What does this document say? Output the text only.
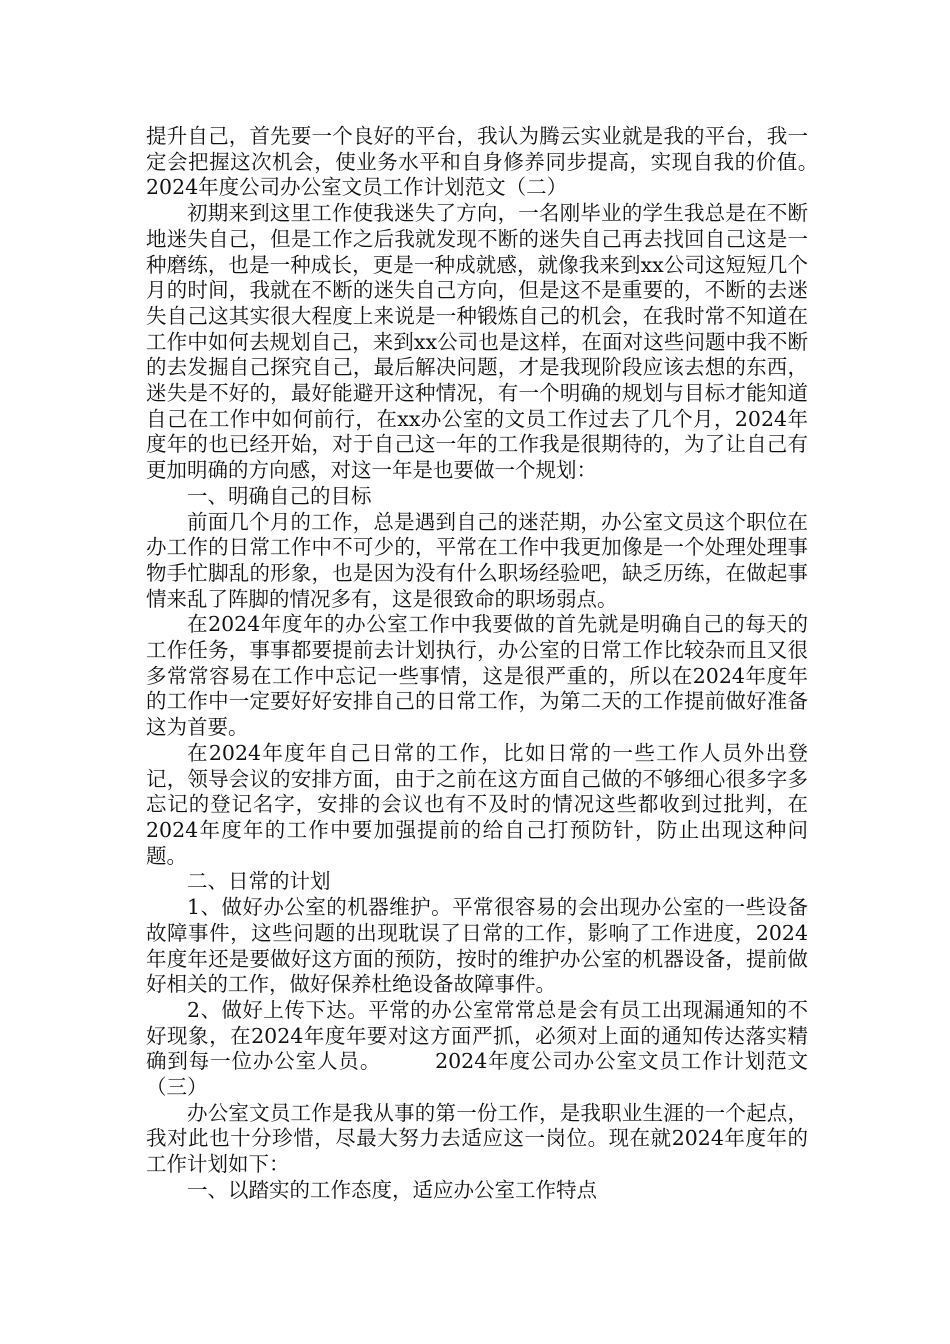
提升自己，首先要一个良好的平台，我认为腾云实业就是我的平台，我一定会把握这次机会，使业务水平和自身修养同步提高，实现自我的价值。　　　2024年度公司办公室文员工作计划范文（二）

初期来到这里工作使我迷失了方向，一名刚毕业的学生我总是在不断地迷失自己，但是工作之后我就发现不断的迷失自己再去找回自己这是一种磨练，也是一种成长，更是一种成就感，就像我来到xx公司这短短几个月的时间，我就在不断的迷失自己方向，但是这不是重要的，不断的去迷失自己这其实很大程度上来说是一种锻炼自己的机会，在我时常不知道在工作中如何去规划自己，来到xx公司也是这样，在面对这些问题中我不断的去发掘自己探究自己，最后解决问题，才是我现阶段应该去想的东西，迷失是不好的，最好能避开这种情况，有一个明确的规划与目标才能知道自己在工作中如何前行，在xx办公室的文员工作过去了几个月，2024年度年的也已经开始，对于自己这一年的工作我是很期待的，为了让自己有更加明确的方向感，对这一年是也要做一个规划：

一、明确自己的目标

前面几个月的工作，总是遇到自己的迷茫期，办公室文员这个职位在办工作的日常工作中不可少的，平常在工作中我更加像是一个处理处理事物手忙脚乱的形象，也是因为没有什么职场经验吧，缺乏历练，在做起事情来乱了阵脚的情况多有，这是很致命的职场弱点。

在2024年度年的办公室工作中我要做的首先就是明确自己的每天的工作任务，事事都要提前去计划执行，办公室的日常工作比较杂而且又很多常常容易在工作中忘记一些事情，这是很严重的，所以在2024年度年的工作中一定要好好安排自己的日常工作，为第二天的工作提前做好准备这为首要。

在2024年度年自己日常的工作，比如日常的一些工作人员外出登记，领导会议的安排方面，由于之前在这方面自己做的不够细心很多字多忘记的登记名字，安排的会议也有不及时的情况这些都收到过批判，在2024年度年的工作中要加强提前的给自己打预防针，防止出现这种问题。

二、日常的计划

1、做好办公室的机器维护。平常很容易的会出现办公室的一些设备故障事件，这些问题的出现耽误了日常的工作，影响了工作进度，2024年度年还是要做好这方面的预防，按时的维护办公室的机器设备，提前做好相关的工作，做好保养杜绝设备故障事件。

2、做好上传下达。平常的办公室常常总是会有员工出现漏通知的不好现象，在2024年度年要对这方面严抓，必须对上面的通知传达落实精确到每一位办公室人员。　　　2024年度公司办公室文员工作计划范文（三）

办公室文员工作是我从事的第一份工作，是我职业生涯的一个起点，我对此也十分珍惜，尽最大努力去适应这一岗位。现在就2024年度年的工作计划如下：

一、以踏实的工作态度，适应办公室工作特点
